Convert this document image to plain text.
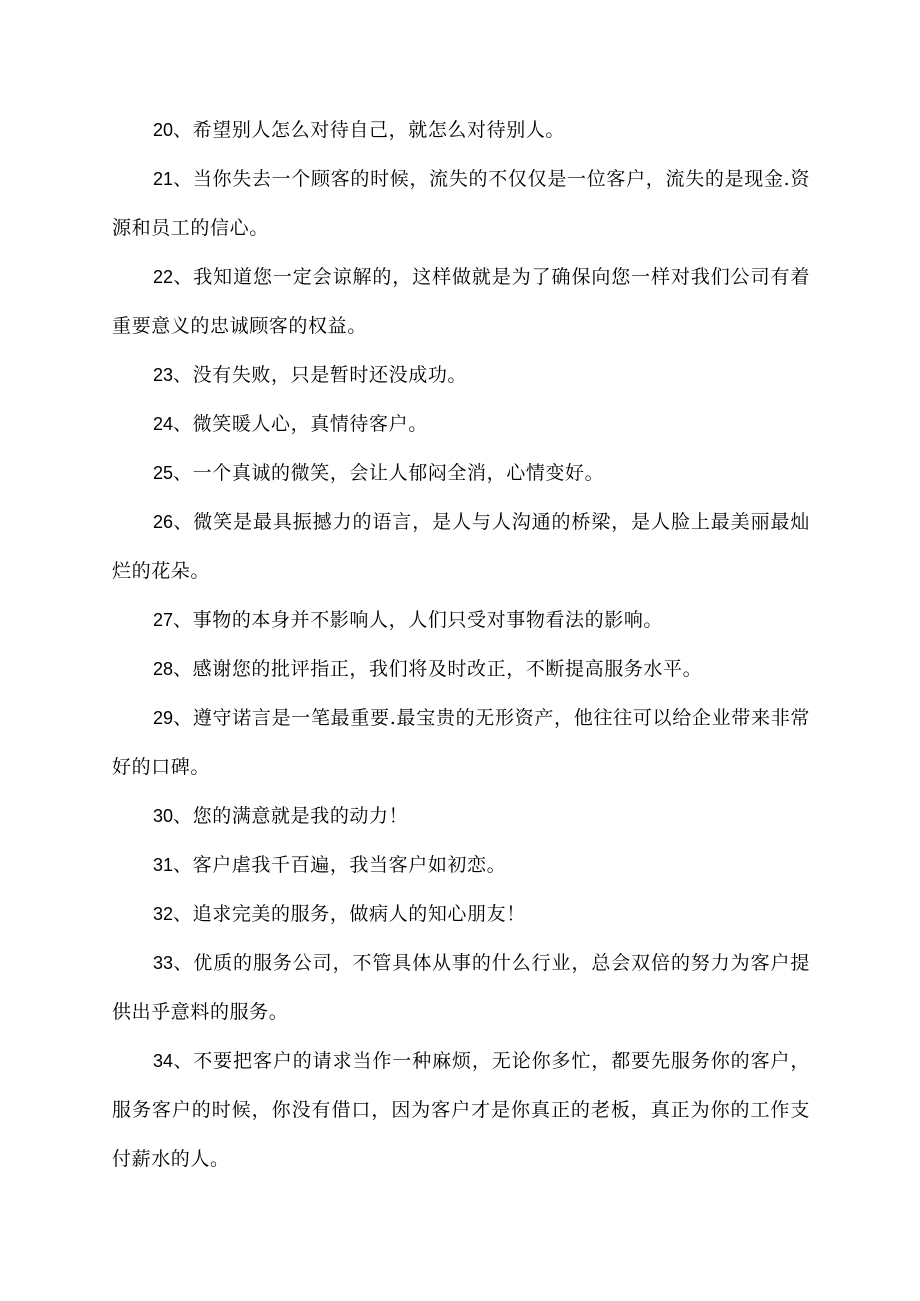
20、希望别人怎么对待自己，就怎么对待别人。

21、当你失去一个顾客的时候，流失的不仅仅是一位客户，流失的是现金.资源和员工的信心。

22、我知道您一定会谅解的，这样做就是为了确保向您一样对我们公司有着重要意义的忠诚顾客的权益。

23、没有失败，只是暂时还没成功。

24、微笑暖人心，真情待客户。

25、一个真诚的微笑，会让人郁闷全消，心情变好。

26、微笑是最具振撼力的语言，是人与人沟通的桥梁，是人脸上最美丽最灿烂的花朵。

27、事物的本身并不影响人，人们只受对事物看法的影响。

28、感谢您的批评指正，我们将及时改正，不断提高服务水平。

29、遵守诺言是一笔最重要.最宝贵的无形资产，他往往可以给企业带来非常好的口碑。

30、您的满意就是我的动力！

31、客户虐我千百遍，我当客户如初恋。

32、追求完美的服务，做病人的知心朋友！

33、优质的服务公司，不管具体从事的什么行业，总会双倍的努力为客户提供出乎意料的服务。

34、不要把客户的请求当作一种麻烦，无论你多忙，都要先服务你的客户，服务客户的时候，你没有借口，因为客户才是你真正的老板，真正为你的工作支付薪水的人。
